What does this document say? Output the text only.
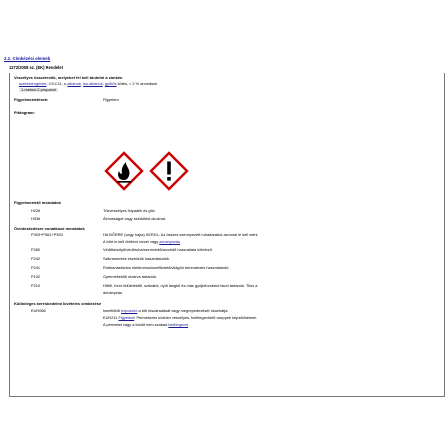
2.2. Címkézési elemek
1272/2008 sz. (EK) Rendelet
Veszélyes összetevők, melyeket fel kell tüntetni a címkén
szénhidrogének, C9-C11, n-alkánok, iso-alkánok, gyűrűs kötés, < 2 % aromások
1-metoxi-2-propanol
Figyelmeztetések:	Figyelem
Piktogram:
Figyelmeztető mondatok
H226	Tűzveszélyes folyadék és gőz.
H336	Álmosságot vagy szédülést okozhat.
Óvintézkedésre vonatkozó mondatok
P303+P361+P353	HA BŐRRE (vagy hajra) KERÜL: Az összes szennyezett ruhadarabot azonnal le kell vetni.
A bőrt le kell öblíteni vízzel vagy zuhanyozás.
P280	Védőkesztyű/védőruha/szemvédő/arcvédő használata kötelező.
P242	Szikramentes eszközök használandók.
P241	Robbanásbiztos elektromos/szellőztető/világító berendezés használandó.
P102	Gyermekektől elzárva tartandó.
P210	Hőtől, forró felületektől, szikrától, nyílt lángtól és más gyújtóforrástól távol tartandó. Tilos a
dohányzás.
Különleges kereskedelmi kivételes címkézése
EUH066	Ismétlődő expozíció a bőr kiszáradását vagy megrepedezését okozhatja.
EUH211 Figyelem! Permetezés közben veszélyes, belélegezhető cseppek képződhetnek.
A permetet vagy a ködöt nem szabad belélegezni.
